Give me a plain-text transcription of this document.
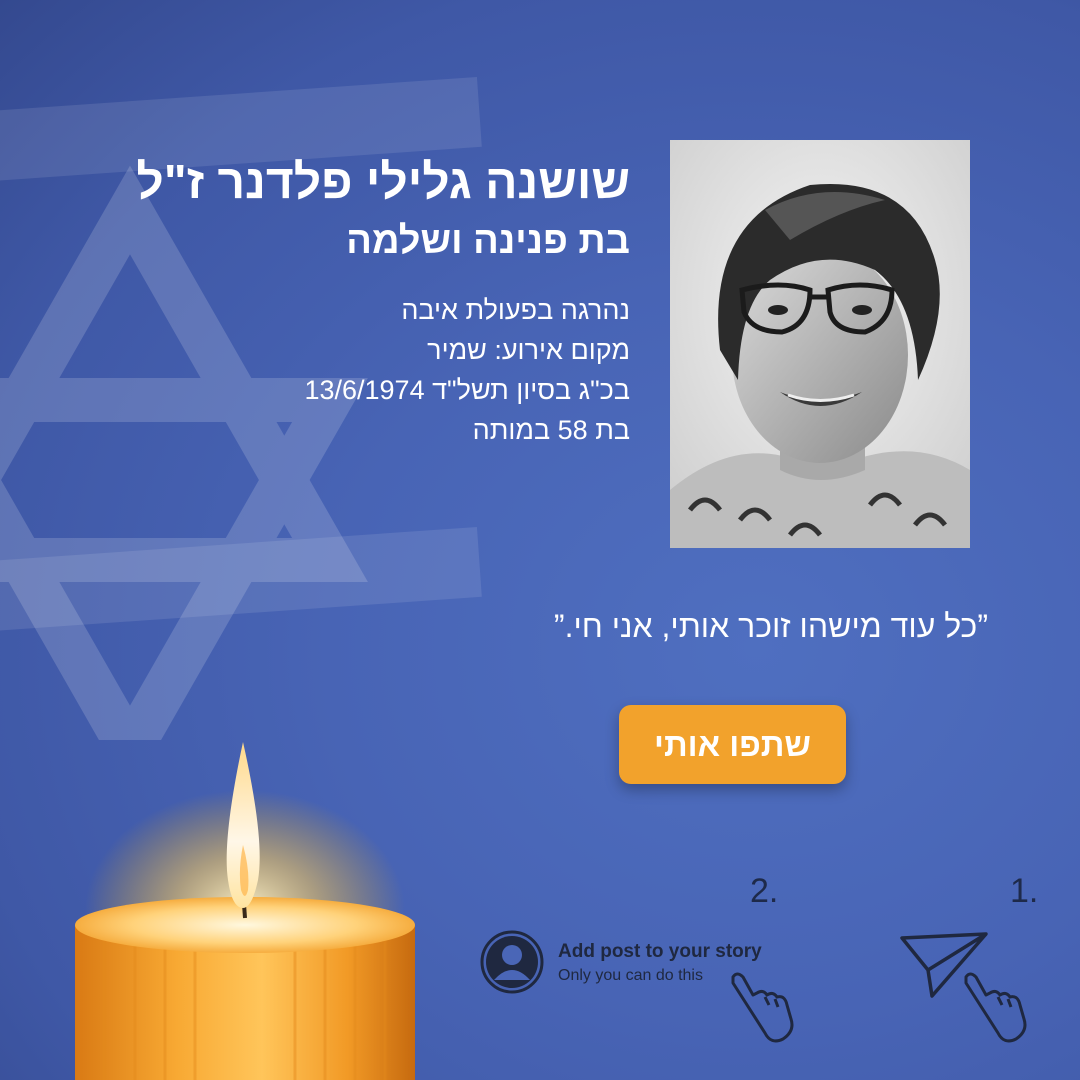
שושנה גלילי פלדנר ז"ל
בת פנינה ושלמה
נהרגה בפעולת איבה
מקום אירוע: שמיר
בכ"ג בסיון תשל"ד 13/6/1974
בת 58 במותה
”כל עוד מישהו זוכר אותי, אני חי.”
שתפו אותי
2.	1.
Add post to your story
Only you can do this
